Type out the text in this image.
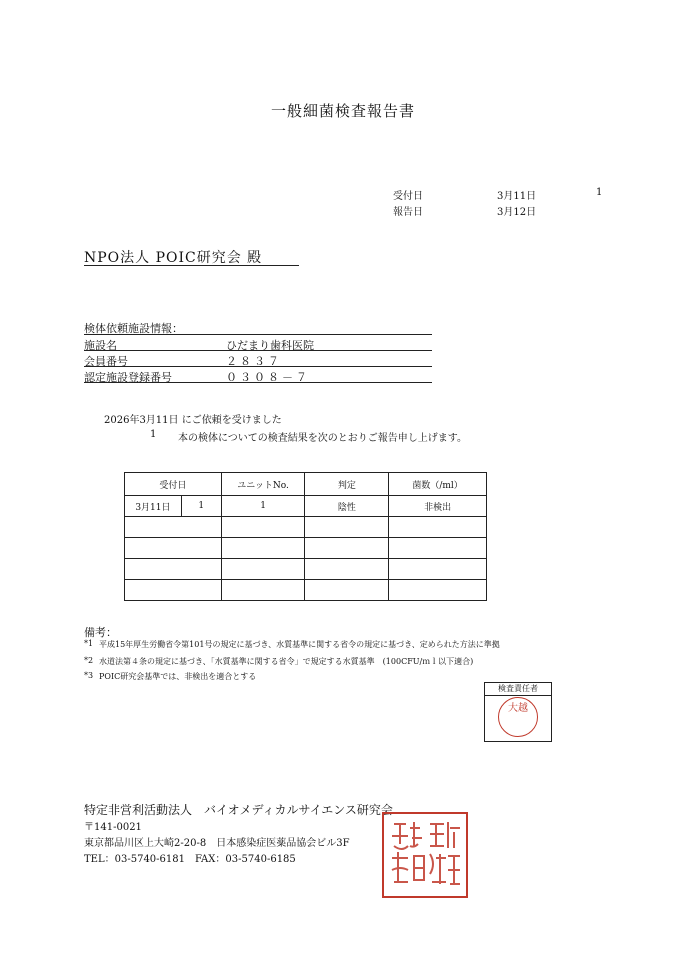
一般細菌検査報告書
受付日	3月11日	1
報告日	3月12日
NPO法人 POIC研究会 殿
検体依頼施設情報：
施設名	ひだまり歯科医院
会員番号	２８３７
認定施設登録番号	０３０８－７
2026年3月11日 にご依頼を受けました
1 本の検体についての検査結果を次のとおりご報告申し上げます。
受付日		ユニットNo.	判定	菌数（/ml）
3月11日	1	1	陰性	非検出

備考：
*1 平成15年厚生労働省令第101号の規定に基づき、水質基準に関する省令の規定に基づき、定められた方法に準拠
*2 水道法第４条の規定に基づき、「水質基準に関する省令」で規定する水質基準　(100CFU/ｍｌ以下適合)
*3 POIC研究会基準では、非検出を適合とする
検査責任者
大越
特定非営利活動法人　バイオメディカルサイエンス研究会
〒141-0021
東京都品川区上大崎2-20-8　日本感染症医薬品協会ビル3F
TEL：03-5740-6181　FAX：03-5740-6185
